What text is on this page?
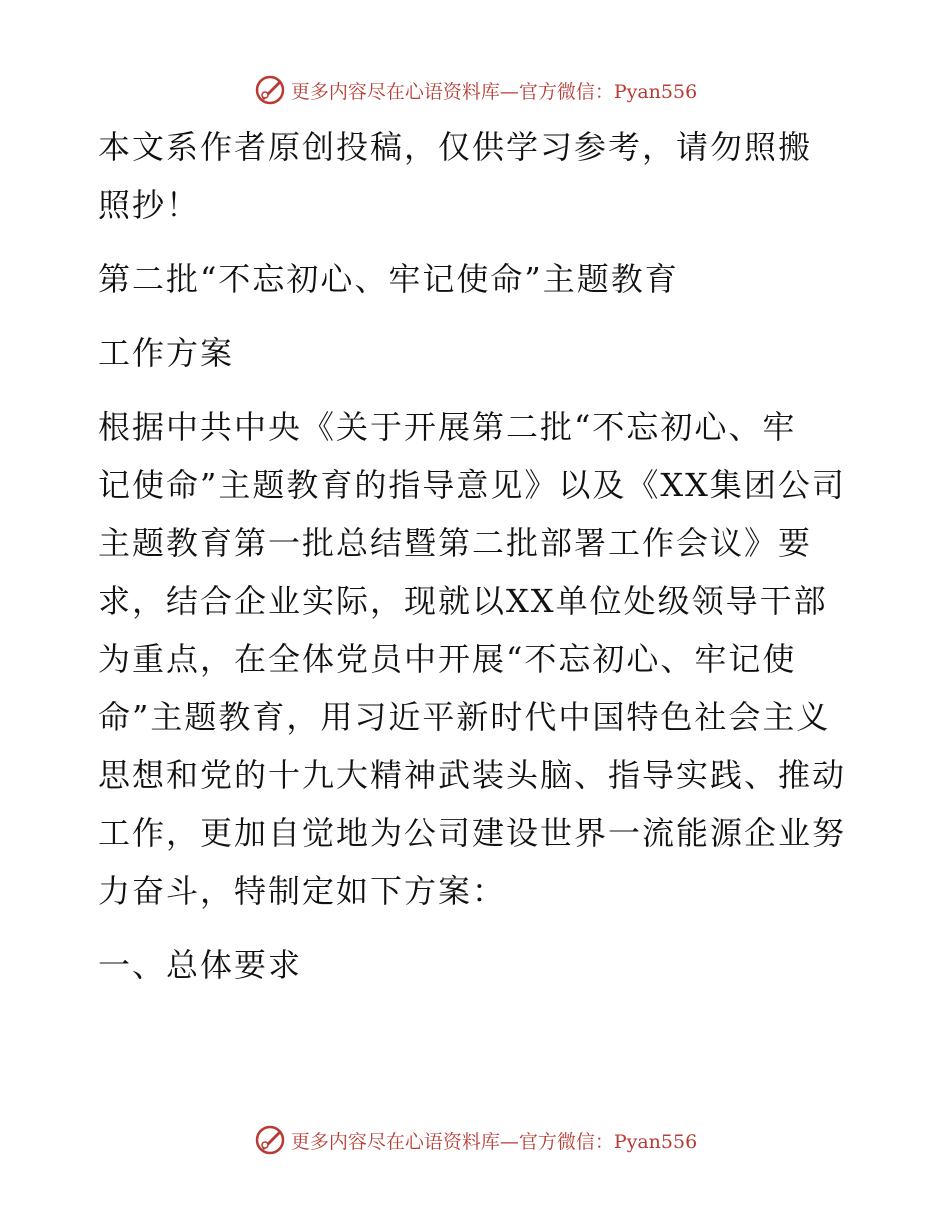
更多内容尽在心语资料库—官方微信：Pyan556

本文系作者原创投稿，仅供学习参考，请勿照搬
照抄！

第二批“不忘初心、牢记使命”主题教育

工作方案

根据中共中央《关于开展第二批“不忘初心、牢
记使命”主题教育的指导意见》以及《XX集团公司
主题教育第一批总结暨第二批部署工作会议》要
求，结合企业实际，现就以XX单位处级领导干部
为重点，在全体党员中开展“不忘初心、牢记使
命”主题教育，用习近平新时代中国特色社会主义
思想和党的十九大精神武装头脑、指导实践、推动
工作，更加自觉地为公司建设世界一流能源企业努
力奋斗，特制定如下方案：

一、总体要求

更多内容尽在心语资料库—官方微信：Pyan556
